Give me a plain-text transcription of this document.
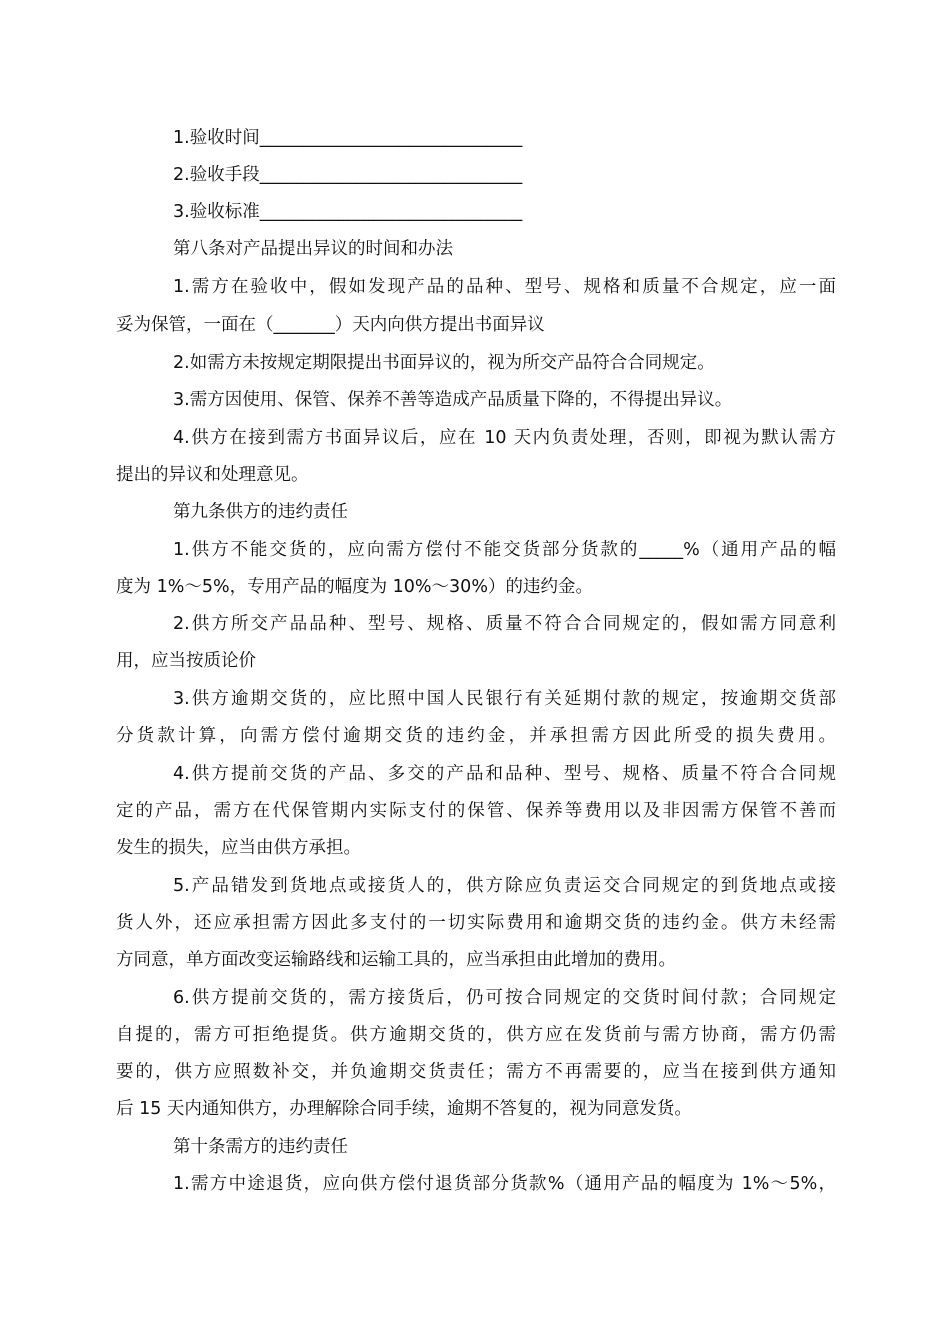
1.验收时间______________________________
2.验收手段______________________________
3.验收标准______________________________
第八条对产品提出异议的时间和办法
1.需方在验收中，假如发现产品的品种、型号、规格和质量不合规定，应一面
妥为保管，一面在（_______）天内向供方提出书面异议
2.如需方未按规定期限提出书面异议的，视为所交产品符合合同规定。
3.需方因使用、保管、保养不善等造成产品质量下降的，不得提出异议。
4.供方在接到需方书面异议后，应在 10 天内负责处理，否则，即视为默认需方
提出的异议和处理意见。
第九条供方的违约责任
1.供方不能交货的，应向需方偿付不能交货部分货款的_____%（通用产品的幅
度为 1%～5%，专用产品的幅度为 10%～30%）的违约金。
2.供方所交产品品种、型号、规格、质量不符合合同规定的，假如需方同意利
用，应当按质论价
3.供方逾期交货的，应比照中国人民银行有关延期付款的规定，按逾期交货部
分货款计算，向需方偿付逾期交货的违约金，并承担需方因此所受的损失费用。
4.供方提前交货的产品、多交的产品和品种、型号、规格、质量不符合合同规
定的产品，需方在代保管期内实际支付的保管、保养等费用以及非因需方保管不善而
发生的损失，应当由供方承担。
5.产品错发到货地点或接货人的，供方除应负责运交合同规定的到货地点或接
货人外，还应承担需方因此多支付的一切实际费用和逾期交货的违约金。供方未经需
方同意，单方面改变运输路线和运输工具的，应当承担由此增加的费用。
6.供方提前交货的，需方接货后，仍可按合同规定的交货时间付款；合同规定
自提的，需方可拒绝提货。供方逾期交货的，供方应在发货前与需方协商，需方仍需
要的，供方应照数补交，并负逾期交货责任；需方不再需要的，应当在接到供方通知
后 15 天内通知供方，办理解除合同手续，逾期不答复的，视为同意发货。
第十条需方的违约责任
1.需方中途退货，应向供方偿付退货部分货款%（通用产品的幅度为 1%～5%，
